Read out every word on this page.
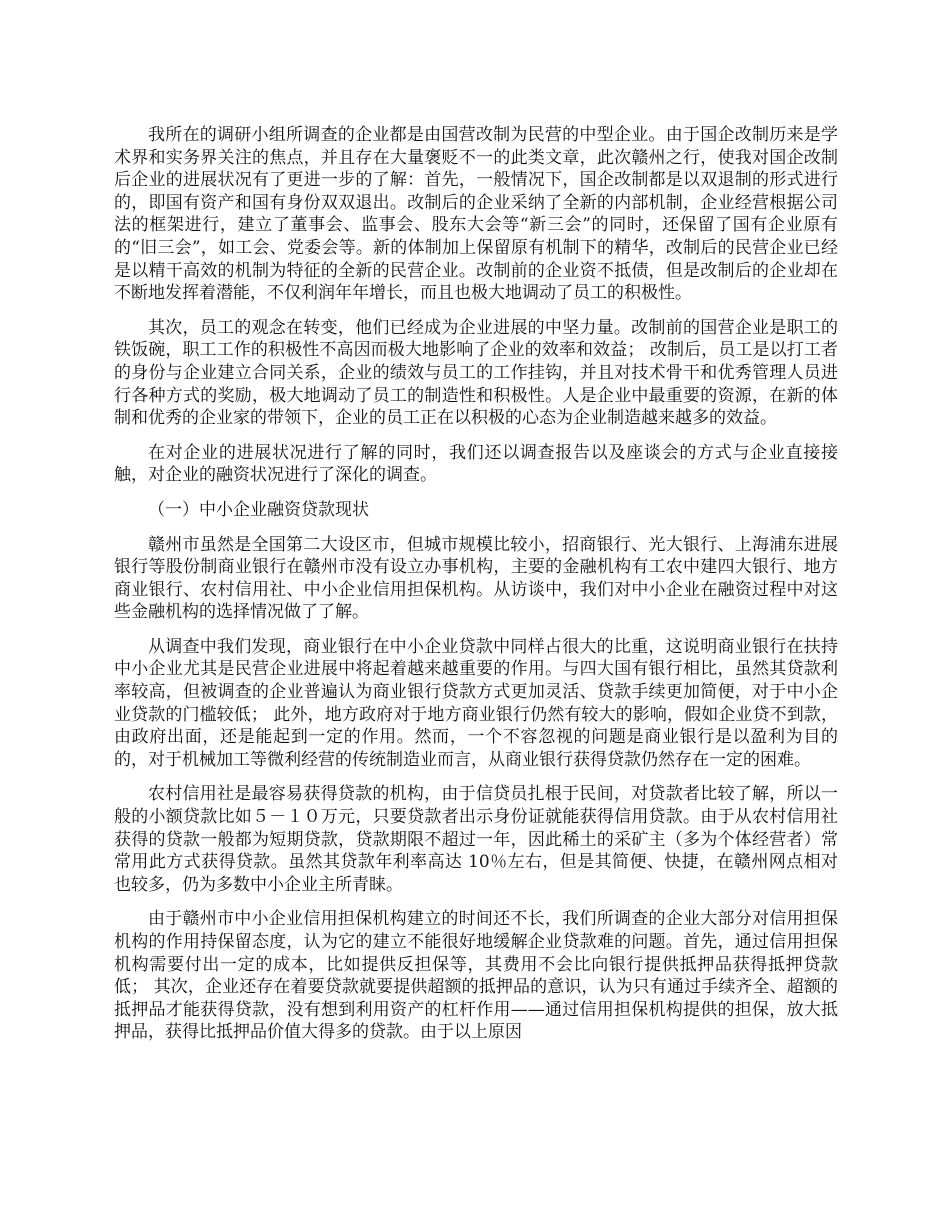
我所在的调研小组所调查的企业都是由国营改制为民营的中型企业。由于国企改制历来是学术界和实务界关注的焦点，并且存在大量褒贬不一的此类文章，此次赣州之行，使我对国企改制后企业的进展状况有了更进一步的了解：首先，一般情况下，国企改制都是以双退制的形式进行的，即国有资产和国有身份双双退出。改制后的企业采纳了全新的内部机制，企业经营根据公司法的框架进行，建立了董事会、监事会、股东大会等“新三会”的同时，还保留了国有企业原有的“旧三会”，如工会、党委会等。新的体制加上保留原有机制下的精华，改制后的民营企业已经是以精干高效的机制为特征的全新的民营企业。改制前的企业资不抵债，但是改制后的企业却在不断地发挥着潜能，不仅利润年年增长，而且也极大地调动了员工的积极性。

其次，员工的观念在转变，他们已经成为企业进展的中坚力量。改制前的国营企业是职工的铁饭碗，职工工作的积极性不高因而极大地影响了企业的效率和效益； 改制后，员工是以打工者的身份与企业建立合同关系，企业的绩效与员工的工作挂钩，并且对技术骨干和优秀管理人员进行各种方式的奖励，极大地调动了员工的制造性和积极性。人是企业中最重要的资源，在新的体制和优秀的企业家的带领下，企业的员工正在以积极的心态为企业制造越来越多的效益。

在对企业的进展状况进行了解的同时，我们还以调查报告以及座谈会的方式与企业直接接触，对企业的融资状况进行了深化的调查。

（一）中小企业融资贷款现状

赣州市虽然是全国第二大设区市，但城市规模比较小，招商银行、光大银行、上海浦东进展银行等股份制商业银行在赣州市没有设立办事机构，主要的金融机构有工农中建四大银行、地方商业银行、农村信用社、中小企业信用担保机构。从访谈中，我们对中小企业在融资过程中对这些金融机构的选择情况做了了解。

从调查中我们发现，商业银行在中小企业贷款中同样占很大的比重，这说明商业银行在扶持中小企业尤其是民营企业进展中将起着越来越重要的作用。与四大国有银行相比，虽然其贷款利率较高，但被调查的企业普遍认为商业银行贷款方式更加灵活、贷款手续更加简便，对于中小企业贷款的门槛较低； 此外，地方政府对于地方商业银行仍然有较大的影响，假如企业贷不到款，由政府出面，还是能起到一定的作用。然而，一个不容忽视的问题是商业银行是以盈利为目的的，对于机械加工等微利经营的传统制造业而言，从商业银行获得贷款仍然存在一定的困难。

农村信用社是最容易获得贷款的机构，由于信贷员扎根于民间，对贷款者比较了解，所以一般的小额贷款比如５－１０万元，只要贷款者出示身份证就能获得信用贷款。由于从农村信用社获得的贷款一般都为短期贷款，贷款期限不超过一年，因此稀土的采矿主（多为个体经营者）常常用此方式获得贷款。虽然其贷款年利率高达 10％左右，但是其简便、快捷，在赣州网点相对也较多，仍为多数中小企业主所青睐。

由于赣州市中小企业信用担保机构建立的时间还不长，我们所调查的企业大部分对信用担保机构的作用持保留态度，认为它的建立不能很好地缓解企业贷款难的问题。首先，通过信用担保机构需要付出一定的成本，比如提供反担保等，其费用不会比向银行提供抵押品获得抵押贷款低； 其次，企业还存在着要贷款就要提供超额的抵押品的意识，认为只有通过手续齐全、超额的抵押品才能获得贷款，没有想到利用资产的杠杆作用——通过信用担保机构提供的担保，放大抵押品，获得比抵押品价值大得多的贷款。由于以上原因
